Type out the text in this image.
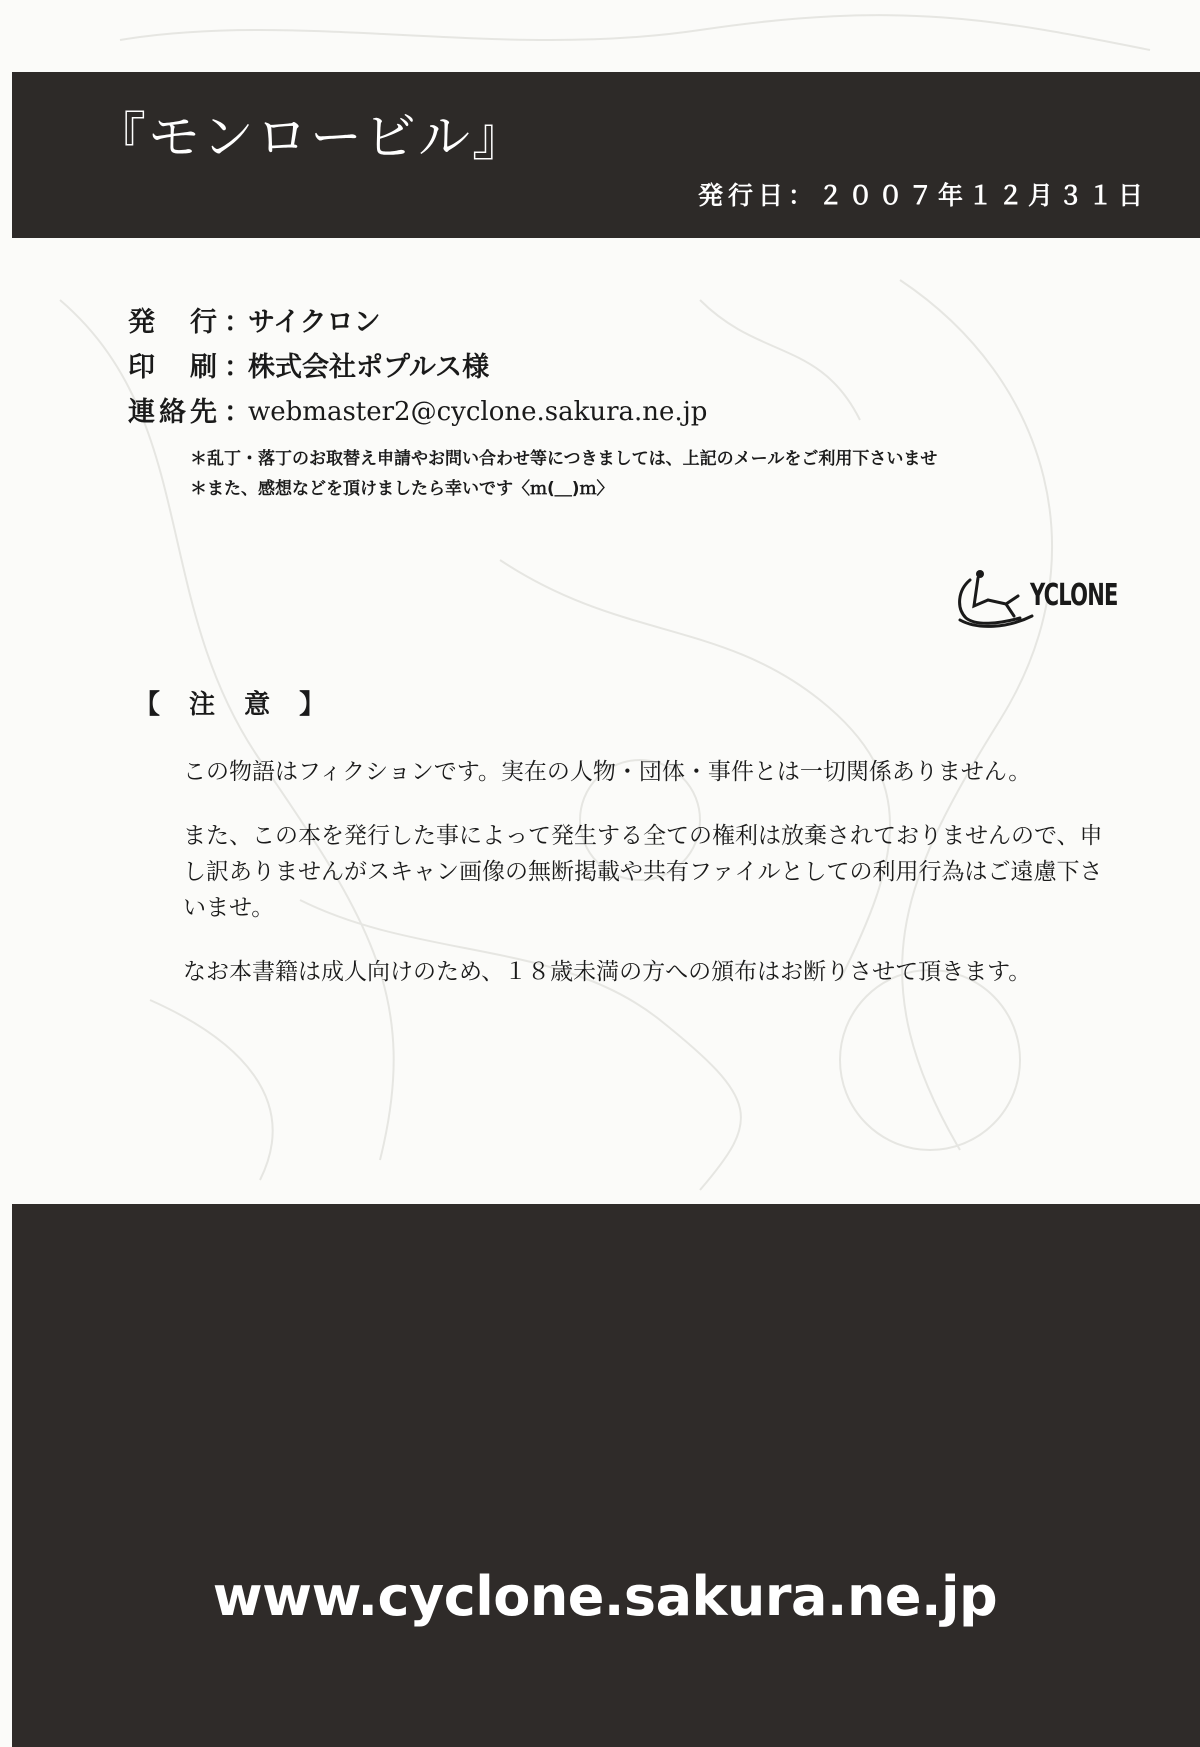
『モンロービル』
発行日：２００７年１２月３１日
発　行 ：
サイクロン
印　刷 ：
株式会社ポプルス様
連絡先 ：
webmaster2@cyclone.sakura.ne.jp
＊乱丁・落丁のお取替え申請やお問い合わせ等につきましては、上記のメールをご利用下さいませ
＊また、感想などを頂けましたら幸いです〈ｍ(＿)ｍ〉
YCLONE
【 注 意 】

この物語はフィクションです。実在の人物・団体・事件とは一切関係ありません。

また、この本を発行した事によって発生する全ての権利は放棄されておりませんので、申し訳ありませんがスキャン画像の無断掲載や共有ファイルとしての利用行為はご遠慮下さいませ。

なお本書籍は成人向けのため、１８歳未満の方への頒布はお断りさせて頂きます。

www.cyclone.sakura.ne.jp
